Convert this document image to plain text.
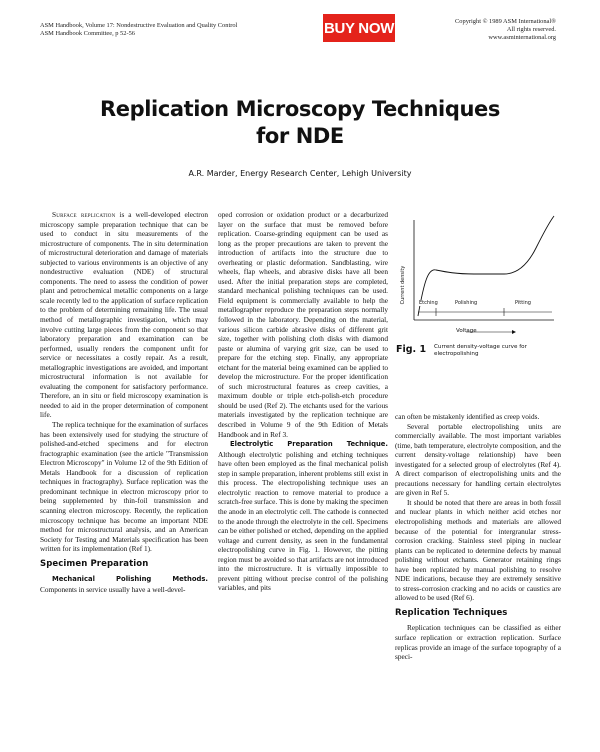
ASM Handbook, Volume 17: Nondestructive Evaluation and Quality Control
ASM Handbook Committee, p 52-56	BUY NOW	Copyright © 1989 ASM International®
All rights reserved.
www.asminternational.org
Replication Microscopy Techniques
for NDE
A.R. Marder, Energy Research Center, Lehigh University

Surface replication is a well-developed electron microscopy sample preparation technique that can be used to conduct in situ measurements of the microstructure of components. The in situ determination of microstructural deterioration and damage of materials subjected to various environments is an objective of any nondestructive evaluation (NDE) of structural components. The need to assess the condition of power plant and petrochemical metallic components on a large scale recently led to the application of surface replication to the problem of determining remaining life. The usual method of metallographic investigation, which may involve cutting large pieces from the component so that laboratory preparation and examination can be performed, usually renders the component unfit for service or necessitates a costly repair. As a result, metallographic investigations are avoided, and important microstructural information is not available for evaluating the component for satisfactory performance. Therefore, an in situ or field microscopy examination is needed to aid in the proper determination of component life.

The replica technique for the examination of surfaces has been extensively used for studying the structure of polished-and-etched specimens and for electron fractographic examination (see the article "Transmission Electron Microscopy" in Volume 12 of the 9th Edition of Metals Handbook for a discussion of replication techniques in fractography). Surface replication was the predominant technique in electron microscopy prior to being supplemented by thin-foil transmission and scanning electron microscopy. Recently, the replication microscopy technique has become an important NDE method for microstructural analysis, and an American Society for Testing and Materials specification has been written for its implementation (Ref 1).

Specimen Preparation

Mechanical Polishing Methods. Components in service usually have a well-devel-

oped corrosion or oxidation product or a decarburized layer on the surface that must be removed before replication. Coarse-grinding equipment can be used as long as the proper precautions are taken to prevent the introduction of artifacts into the structure due to overheating or plastic deformation. Sandblasting, wire wheels, flap wheels, and abrasive disks have all been used. After the initial preparation steps are completed, standard mechanical polishing techniques can be used. Field equipment is commercially available to help the metallographer reproduce the preparation steps normally followed in the laboratory. Depending on the material, various silicon carbide abrasive disks of different grit size, together with polishing cloth disks with diamond paste or alumina of varying grit size, can be used to prepare for the etching step. Finally, any appropriate etchant for the material being examined can be applied to develop the microstructure. For the proper identification of such microstructural features as creep cavities, a maximum double or triple etch-polish-etch procedure should be used (Ref 2). The etchants used for the various materials investigated by the replication technique are described in Volume 9 of the 9th Edition of Metals Handbook and in Ref 3.

Electrolytic Preparation Technique. Although electrolytic polishing and etching techniques have often been employed as the final mechanical polish step in sample preparation, inherent problems still exist in this process. The electropolishing technique uses an electrolytic reaction to remove material to produce a scratch-free surface. This is done by making the specimen the anode in an electrolytic cell. The cathode is connected to the anode through the electrolyte in the cell. Specimens can be either polished or etched, depending on the applied voltage and current density, as seen in the fundamental electropolishing curve in Fig. 1. However, the pitting region must be avoided so that artifacts are not introduced into the microstructure. It is virtually impossible to prevent pitting without precise control of the polishing variables, and pits

Current density	Etching	Polishing	Pitting
Voltage
Fig. 1 Current density-voltage curve for electropolishing

can often be mistakenly identified as creep voids.

Several portable electropolishing units are commercially available. The most important variables (time, bath temperature, electrolyte composition, and the current density-voltage relationship) have been investigated for a selected group of electrolytes (Ref 4). A direct comparison of electropolishing units and the precautions necessary for handling certain electrolytes are given in Ref 5.

It should be noted that there are areas in both fossil and nuclear plants in which neither acid etches nor electropolishing methods and materials are allowed because of the potential for intergranular stress-corrosion cracking. Stainless steel piping in nuclear plants can be replicated to determine defects by manual polishing without etchants. Generator retaining rings have been replicated by manual polishing to resolve NDE indications, because they are extremely sensitive to stress-corrosion cracking and no acids or caustics are allowed to be used (Ref 6).

Replication Techniques

Replication techniques can be classified as either surface replication or extraction replication. Surface replicas provide an image of the surface topography of a speci-
